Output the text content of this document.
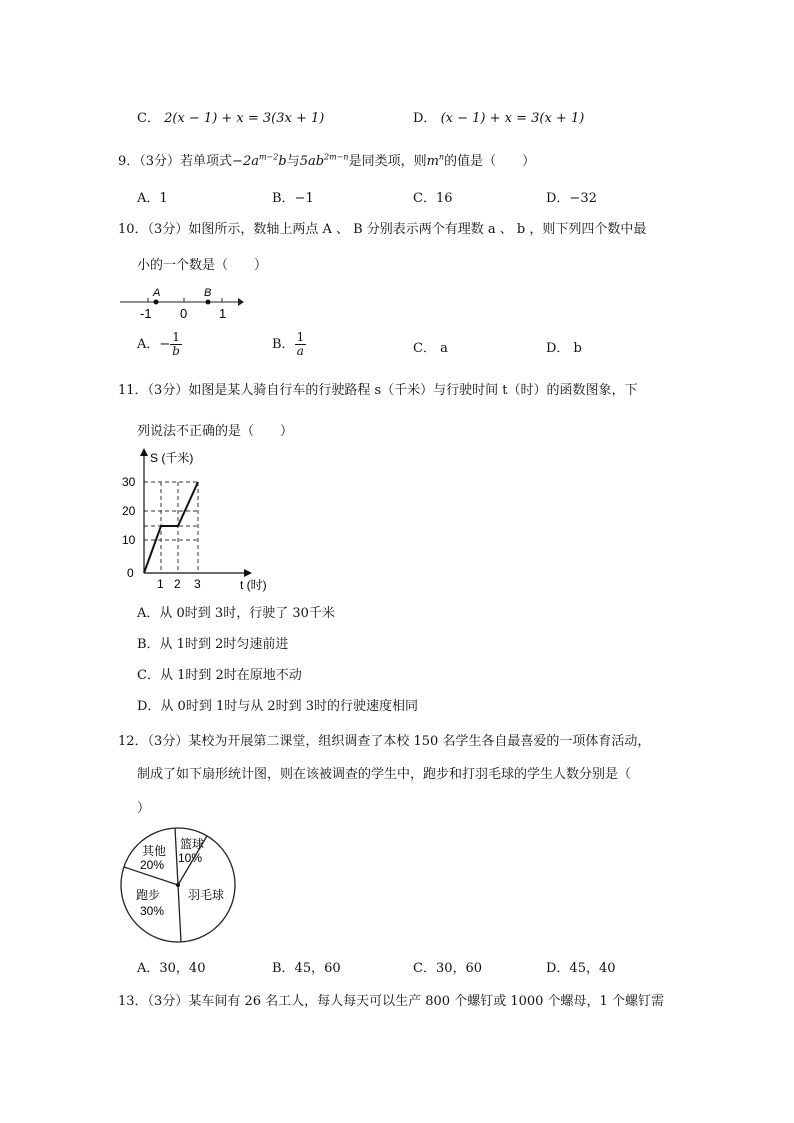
C． 2(x − 1) + x = 3(3x + 1)	D． (x − 1) + x = 3(x + 1)
9．（3分）若单项式$-2a^{m-2}b$与$5ab^{2m-n}$是同类项，则$m^n$的值是（　　）
A．1	B．−1	C．16	D．−32
10．（3分）如图所示，数轴上两点 A 、 B 分别表示两个有理数 a 、 b ，则下列四个数中最
小的一个数是（　　）
A	B
-1 0 1
A．− $\frac{1}{b}$	B． $\frac{1}{a}$	C． a	D． b
11．（3分）如图是某人骑自行车的行驶路程 s（千米）与行驶时间 t（时）的函数图象，下
列说法不正确的是（　　）
S (千米)
30
20
10
0
1 2 3	t (时)
A．从 0时到 3时，行驶了 30千米
B．从 1时到 2时匀速前进
C．从 1时到 2时在原地不动
D．从 0时到 1时与从 2时到 3时的行驶速度相同
12．（3分）某校为开展第二课堂，组织调查了本校 150 名学生各自最喜爱的一项体育活动，
制成了如下扇形统计图，则在该被调查的学生中，跑步和打羽毛球的学生人数分别是（
）
其他
20%
篮球
10%
跑步
30%
羽毛球
A．30，40	B．45，60	C．30，60	D．45，40
13．（3分）某车间有 26 名工人，每人每天可以生产 800 个螺钉或 1000 个螺母，1 个螺钉需
